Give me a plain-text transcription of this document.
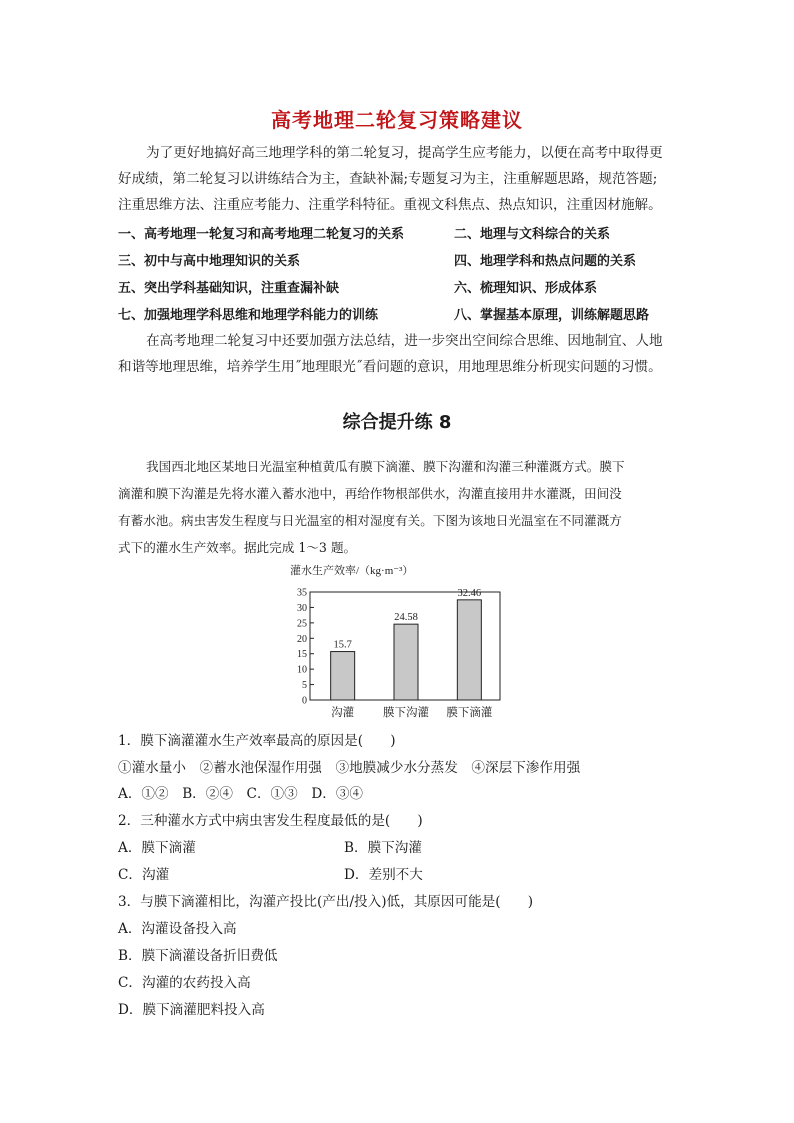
高考地理二轮复习策略建议
为了更好地搞好高三地理学科的第二轮复习，提高学生应考能力，以便在高考中取得更
好成绩，第二轮复习以讲练结合为主，查缺补漏;专题复习为主，注重解题思路，规范答题;
注重思维方法、注重应考能力、注重学科特征。重视文科焦点、热点知识，注重因材施解。
一、高考地理一轮复习和高考地理二轮复习的关系	二、地理与文科综合的关系
三、初中与高中地理知识的关系	四、地理学科和热点问题的关系
五、突出学科基础知识，注重查漏补缺	六、梳理知识、形成体系
七、加强地理学科思维和地理学科能力的训练	八、掌握基本原理，训练解题思路
在高考地理二轮复习中还要加强方法总结，进一步突出空间综合思维、因地制宜、人地
和谐等地理思维，培养学生用˝地理眼光˝看问题的意识，用地理思维分析现实问题的习惯。
综合提升练 8
我国西北地区某地日光温室种植黄瓜有膜下滴灌、膜下沟灌和沟灌三种灌溉方式。膜下
滴灌和膜下沟灌是先将水灌入蓄水池中，再给作物根部供水，沟灌直接用井水灌溉，田间没
有蓄水池。病虫害发生程度与日光温室的相对湿度有关。下图为该地日光温室在不同灌溉方
式下的灌水生产效率。据此完成 1～3 题。
灌水生产效率/（kg·m⁻³）
0
5
10
15
20
25
30
35
15.7
沟灌
24.58
膜下沟灌
32.46
膜下滴灌
1．膜下滴灌灌水生产效率最高的原因是(　　)
①灌水量小　②蓄水池保湿作用强　③地膜减少水分蒸发　④深层下渗作用强
A．①②　B．②④　C．①③　D．③④
2．三种灌水方式中病虫害发生程度最低的是(　　)
A．膜下滴灌	B．膜下沟灌
C．沟灌	D．差别不大
3．与膜下滴灌相比，沟灌产投比(产出/投入)低，其原因可能是(　　)
A．沟灌设备投入高
B．膜下滴灌设备折旧费低
C．沟灌的农药投入高
D．膜下滴灌肥料投入高
